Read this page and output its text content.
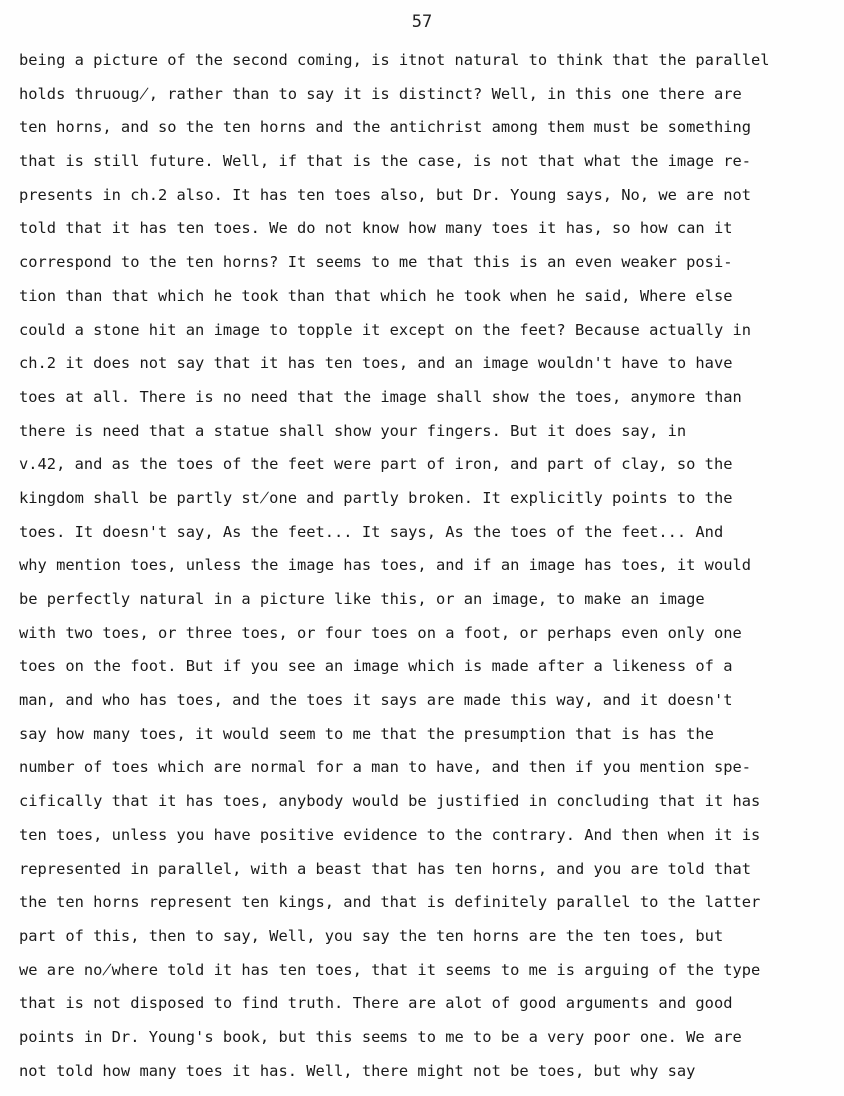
57
being a picture of the second coming, is itnot natural to think that the parallel
holds thruoug̸, rather than to say it is distinct? Well, in this one there are
ten horns, and so the ten horns and the antichrist among them must be something
that is still future. Well, if that is the case, is not that what the image re-
presents in ch.2 also. It has ten toes also, but Dr. Young says, No, we are not
told that it has ten toes. We do not know how many toes it has, so how can it
correspond to the ten horns? It seems to me that this is an even weaker posi-
tion than that which he took than that which he took when he said, Where else
could a stone hit an image to topple it except on the feet? Because actually in
ch.2 it does not say that it has ten toes, and an image wouldn't have to have
toes at all. There is no need that the image shall show the toes, anymore than
there is need that a statue shall show your fingers. But it does say, in
v.42, and as the toes of the feet were part of iron, and part of clay, so the
kingdom shall be partly st̸one and partly broken. It explicitly points to the
toes. It doesn't say, As the feet... It says, As the toes of the feet... And
why mention toes, unless the image has toes, and if an image has toes, it would
be perfectly natural in a picture like this, or an image, to make an image
with two toes, or three toes, or four toes on a foot, or perhaps even only one
toes on the foot. But if you see an image which is made after a likeness of a
man, and who has toes, and the toes it says are made this way, and it doesn't
say how many toes, it would seem to me that the presumption that is has the
number of toes which are normal for a man to have, and then if you mention spe-
cifically that it has toes, anybody would be justified in concluding that it has
ten toes, unless you have positive evidence to the contrary. And then when it is
represented in parallel, with a beast that has ten horns, and you are told that
the ten horns represent ten kings, and that is definitely parallel to the latter
part of this, then to say, Well, you say the ten horns are the ten toes, but
we are no̸where told it has ten toes, that it seems to me is arguing of the type
that is not disposed to find truth. There are alot of good arguments and good
points in Dr. Young's book, but this seems to me to be a very poor one. We are
not told how many toes it has. Well, there might not be toes, but why say
